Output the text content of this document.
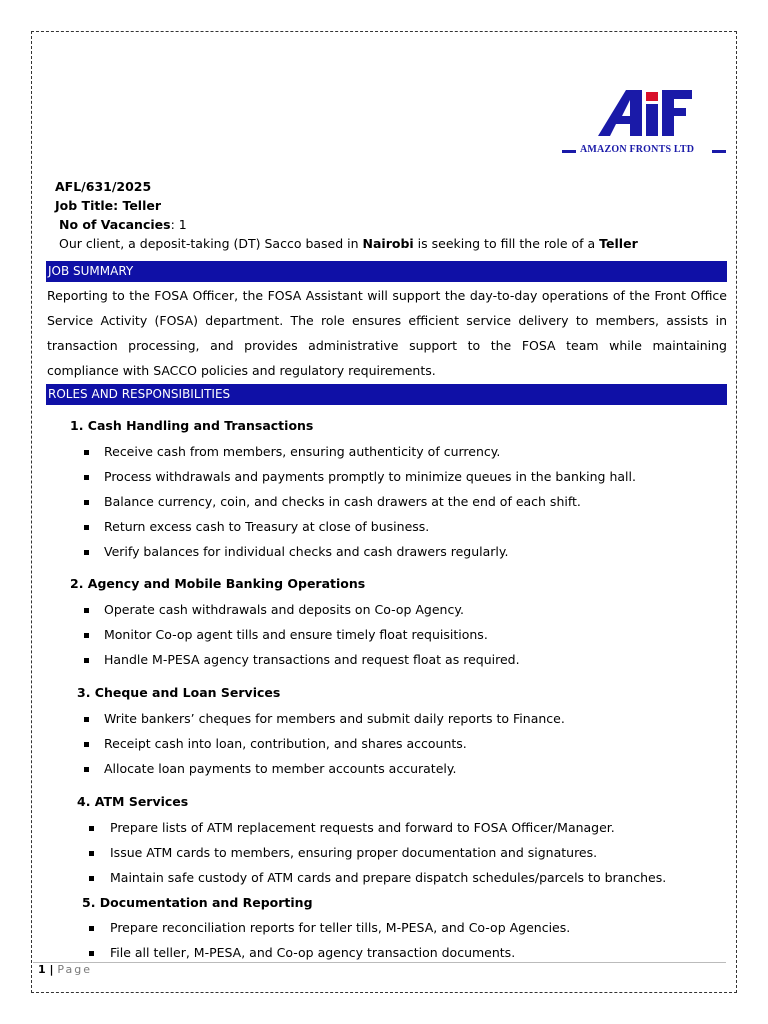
AMAZON FRONTS LTD
AFL/631/2025
Job Title: Teller
No of Vacancies: 1
Our client, a deposit-taking (DT) Sacco based in Nairobi is seeking to fill the role of a Teller
JOB SUMMARY
Reporting to the FOSA Officer, the FOSA Assistant will support the day-to-day operations of the Front Office Service Activity (FOSA) department. The role ensures efficient service delivery to members, assists in transaction processing, and provides administrative support to the FOSA team while maintaining compliance with SACCO policies and regulatory requirements.
ROLES AND RESPONSIBILITIES
1. Cash Handling and Transactions
Receive cash from members, ensuring authenticity of currency.
Process withdrawals and payments promptly to minimize queues in the banking hall.
Balance currency, coin, and checks in cash drawers at the end of each shift.
Return excess cash to Treasury at close of business.
Verify balances for individual checks and cash drawers regularly.
2. Agency and Mobile Banking Operations
Operate cash withdrawals and deposits on Co-op Agency.
Monitor Co-op agent tills and ensure timely float requisitions.
Handle M-PESA agency transactions and request float as required.
3. Cheque and Loan Services
Write bankers’ cheques for members and submit daily reports to Finance.
Receipt cash into loan, contribution, and shares accounts.
Allocate loan payments to member accounts accurately.
4. ATM Services
Prepare lists of ATM replacement requests and forward to FOSA Officer/Manager.
Issue ATM cards to members, ensuring proper documentation and signatures.
Maintain safe custody of ATM cards and prepare dispatch schedules/parcels to branches.
5. Documentation and Reporting
Prepare reconciliation reports for teller tills, M-PESA, and Co-op Agencies.
File all teller, M-PESA, and Co-op agency transaction documents.
1 | Page
